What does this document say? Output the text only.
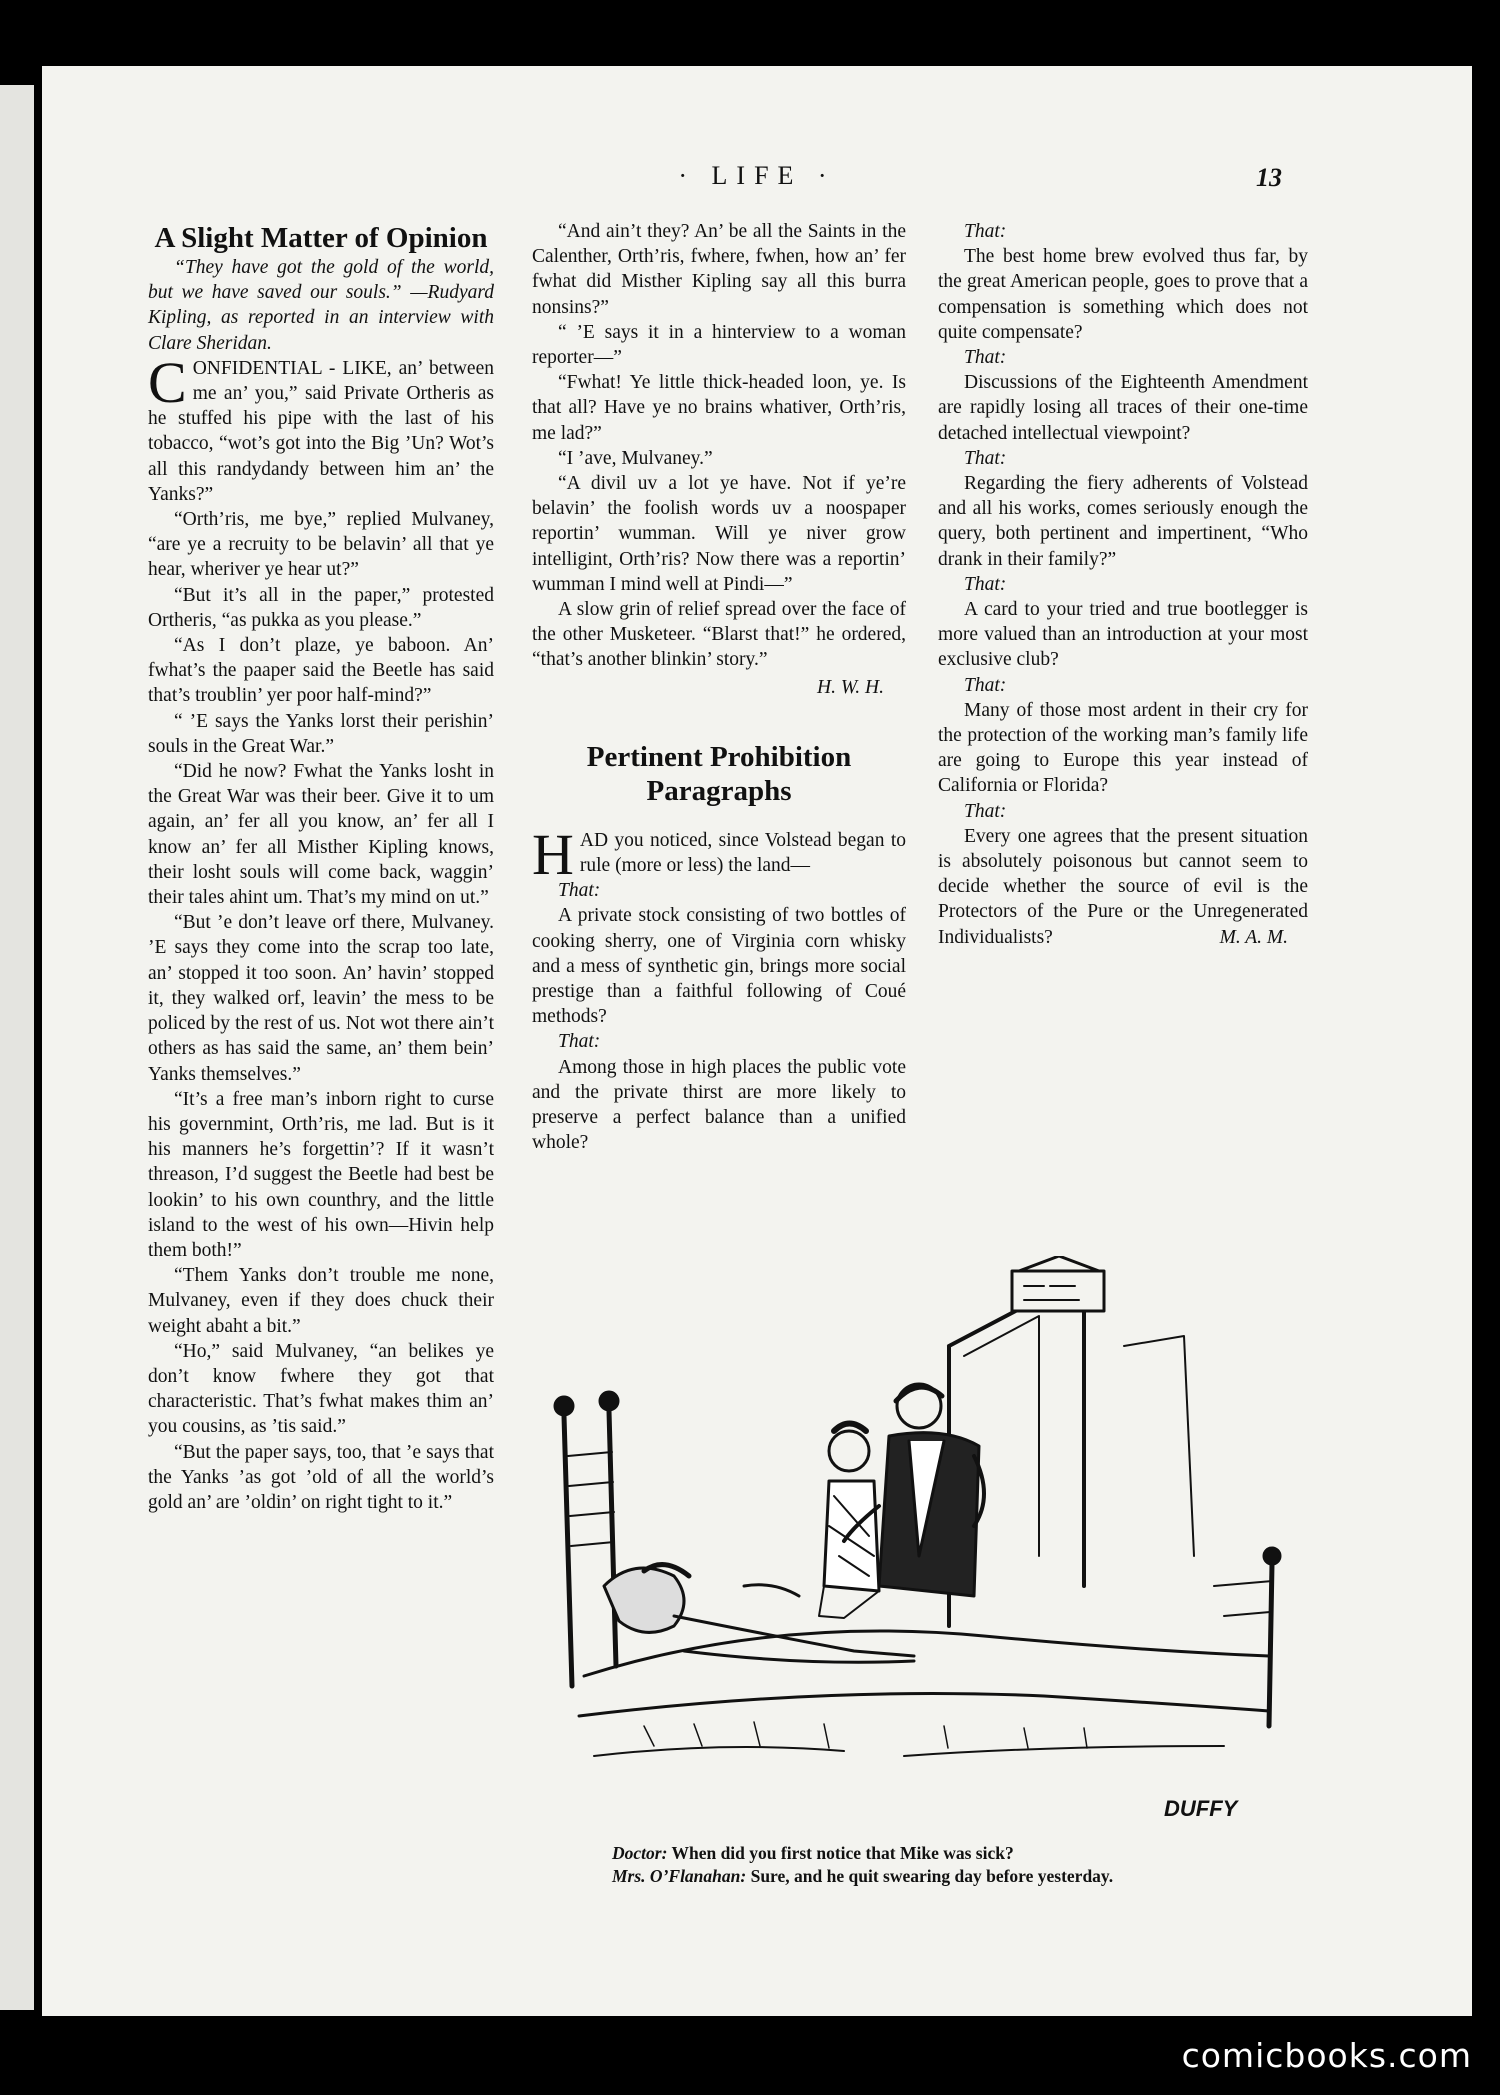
· LIFE ·	13
A Slight Matter of Opinion

“They have got the gold of the world, but we have saved our souls.” —Rudyard Kipling, as reported in an interview with Clare Sheridan.

CONFIDENTIAL - LIKE, an’ between me an’ you,” said Private Ortheris as he stuffed his pipe with the last of his tobacco, “wot’s got into the Big ’Un? Wot’s all this randydandy between him an’ the Yanks?”

“Orth’ris, me bye,” replied Mulvaney, “are ye a recruity to be belavin’ all that ye hear, wheriver ye hear ut?”

“But it’s all in the paper,” protested Ortheris, “as pukka as you please.”

“As I don’t plaze, ye baboon. An’ fwhat’s the paaper said the Beetle has said that’s troublin’ yer poor half-mind?”

“ ’E says the Yanks lorst their perishin’ souls in the Great War.”

“Did he now? Fwhat the Yanks losht in the Great War was their beer. Give it to um again, an’ fer all you know, an’ fer all I know an’ fer all Misther Kipling knows, their losht souls will come back, waggin’ their tales ahint um. That’s my mind on ut.”

“But ’e don’t leave orf there, Mulvaney. ’E says they come into the scrap too late, an’ stopped it too soon. An’ havin’ stopped it, they walked orf, leavin’ the mess to be policed by the rest of us. Not wot there ain’t others as has said the same, an’ them bein’ Yanks themselves.”

“It’s a free man’s inborn right to curse his governmint, Orth’ris, me lad. But is it his manners he’s forgettin’? If it wasn’t threason, I’d suggest the Beetle had best be lookin’ to his own counthry, and the little island to the west of his own—Hivin help them both!”

“Them Yanks don’t trouble me none, Mulvaney, even if they does chuck their weight abaht a bit.”

“Ho,” said Mulvaney, “an belikes ye don’t know fwhere they got that characteristic. That’s fwhat makes thim an’ you cousins, as ’tis said.”

“But the paper says, too, that ’e says that the Yanks ’as got ’old of all the world’s gold an’ are ’oldin’ on right tight to it.”

“And ain’t they? An’ be all the Saints in the Calenther, Orth’ris, fwhere, fwhen, how an’ fer fwhat did Misther Kipling say all this burra nonsins?”

“ ’E says it in a hinterview to a woman reporter—”

“Fwhat! Ye little thick-headed loon, ye. Is that all? Have ye no brains whativer, Orth’ris, me lad?”

“I ’ave, Mulvaney.”

“A divil uv a lot ye have. Not if ye’re belavin’ the foolish words uv a noospaper reportin’ wumman. Will ye niver grow intelligint, Orth’ris? Now there was a reportin’ wumman I mind well at Pindi—”

A slow grin of relief spread over the face of the other Musketeer. “Blarst that!” he ordered, “that’s another blinkin’ story.”

H. W. H.
Pertinent Prohibition Paragraphs

HAD you noticed, since Volstead began to rule (more or less) the land—

That:

A private stock consisting of two bottles of cooking sherry, one of Virginia corn whisky and a mess of synthetic gin, brings more social prestige than a faithful following of Coué methods?

That:

Among those in high places the public vote and the private thirst are more likely to preserve a perfect balance than a unified whole?

That:

The best home brew evolved thus far, by the great American people, goes to prove that a compensation is something which does not quite compensate?

That:

Discussions of the Eighteenth Amendment are rapidly losing all traces of their one-time detached intellectual viewpoint?

That:

Regarding the fiery adherents of Volstead and all his works, comes seriously enough the query, both pertinent and impertinent, “Who drank in their family?”

That:

A card to your tried and true bootlegger is more valued than an introduction at your most exclusive club?

That:

Many of those most ardent in their cry for the protection of the working man’s family life are going to Europe this year instead of California or Florida?

That:

Every one agrees that the present situation is absolutely poisonous but cannot seem to decide whether the source of evil is the Protectors of the Pure or the Unregenerated Individualists?	M. A. M.

DUFFY
Doctor: When did you first notice that Mike was sick?
Mrs. O’Flanahan: Sure, and he quit swearing day before yesterday.
comicbooks.com
